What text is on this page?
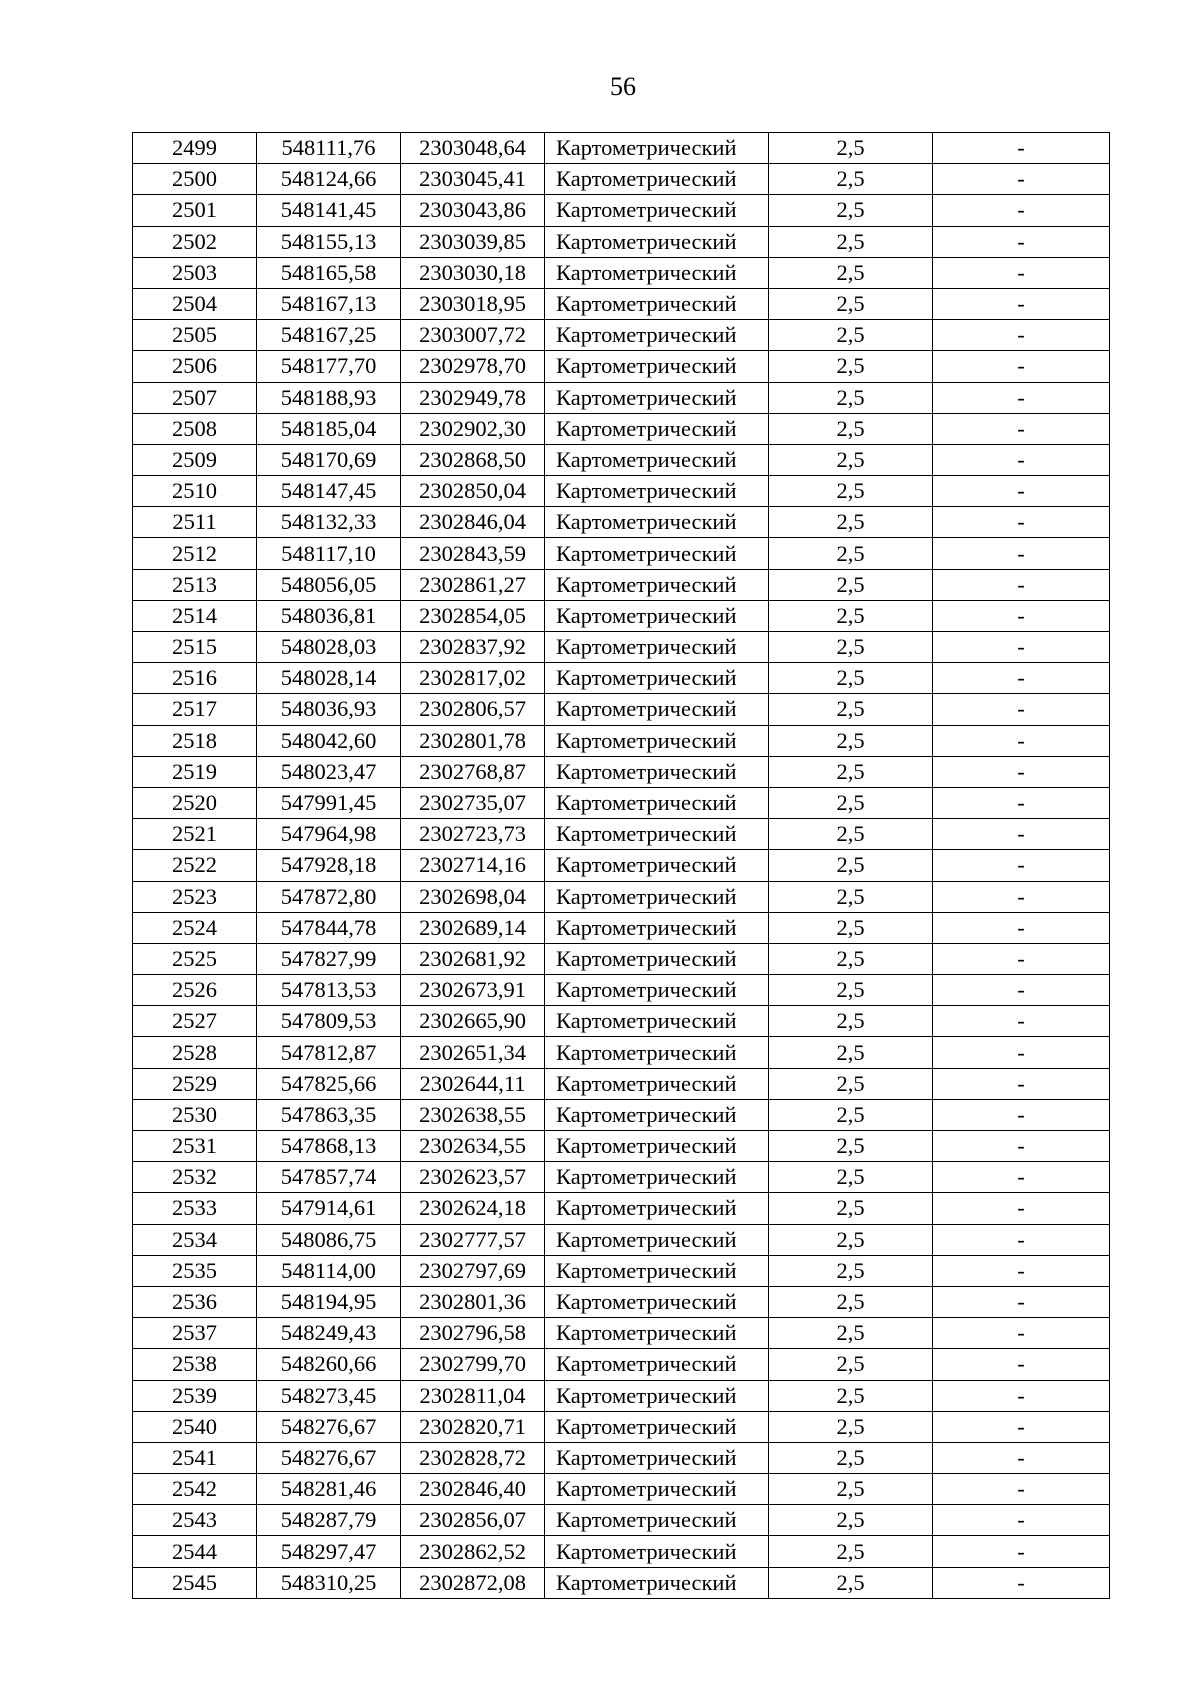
56
2499	548111,76	2303048,64	Картометрический	2,5	-
2500	548124,66	2303045,41	Картометрический	2,5	-
2501	548141,45	2303043,86	Картометрический	2,5	-
2502	548155,13	2303039,85	Картометрический	2,5	-
2503	548165,58	2303030,18	Картометрический	2,5	-
2504	548167,13	2303018,95	Картометрический	2,5	-
2505	548167,25	2303007,72	Картометрический	2,5	-
2506	548177,70	2302978,70	Картометрический	2,5	-
2507	548188,93	2302949,78	Картометрический	2,5	-
2508	548185,04	2302902,30	Картометрический	2,5	-
2509	548170,69	2302868,50	Картометрический	2,5	-
2510	548147,45	2302850,04	Картометрический	2,5	-
2511	548132,33	2302846,04	Картометрический	2,5	-
2512	548117,10	2302843,59	Картометрический	2,5	-
2513	548056,05	2302861,27	Картометрический	2,5	-
2514	548036,81	2302854,05	Картометрический	2,5	-
2515	548028,03	2302837,92	Картометрический	2,5	-
2516	548028,14	2302817,02	Картометрический	2,5	-
2517	548036,93	2302806,57	Картометрический	2,5	-
2518	548042,60	2302801,78	Картометрический	2,5	-
2519	548023,47	2302768,87	Картометрический	2,5	-
2520	547991,45	2302735,07	Картометрический	2,5	-
2521	547964,98	2302723,73	Картометрический	2,5	-
2522	547928,18	2302714,16	Картометрический	2,5	-
2523	547872,80	2302698,04	Картометрический	2,5	-
2524	547844,78	2302689,14	Картометрический	2,5	-
2525	547827,99	2302681,92	Картометрический	2,5	-
2526	547813,53	2302673,91	Картометрический	2,5	-
2527	547809,53	2302665,90	Картометрический	2,5	-
2528	547812,87	2302651,34	Картометрический	2,5	-
2529	547825,66	2302644,11	Картометрический	2,5	-
2530	547863,35	2302638,55	Картометрический	2,5	-
2531	547868,13	2302634,55	Картометрический	2,5	-
2532	547857,74	2302623,57	Картометрический	2,5	-
2533	547914,61	2302624,18	Картометрический	2,5	-
2534	548086,75	2302777,57	Картометрический	2,5	-
2535	548114,00	2302797,69	Картометрический	2,5	-
2536	548194,95	2302801,36	Картометрический	2,5	-
2537	548249,43	2302796,58	Картометрический	2,5	-
2538	548260,66	2302799,70	Картометрический	2,5	-
2539	548273,45	2302811,04	Картометрический	2,5	-
2540	548276,67	2302820,71	Картометрический	2,5	-
2541	548276,67	2302828,72	Картометрический	2,5	-
2542	548281,46	2302846,40	Картометрический	2,5	-
2543	548287,79	2302856,07	Картометрический	2,5	-
2544	548297,47	2302862,52	Картометрический	2,5	-
2545	548310,25	2302872,08	Картометрический	2,5	-
